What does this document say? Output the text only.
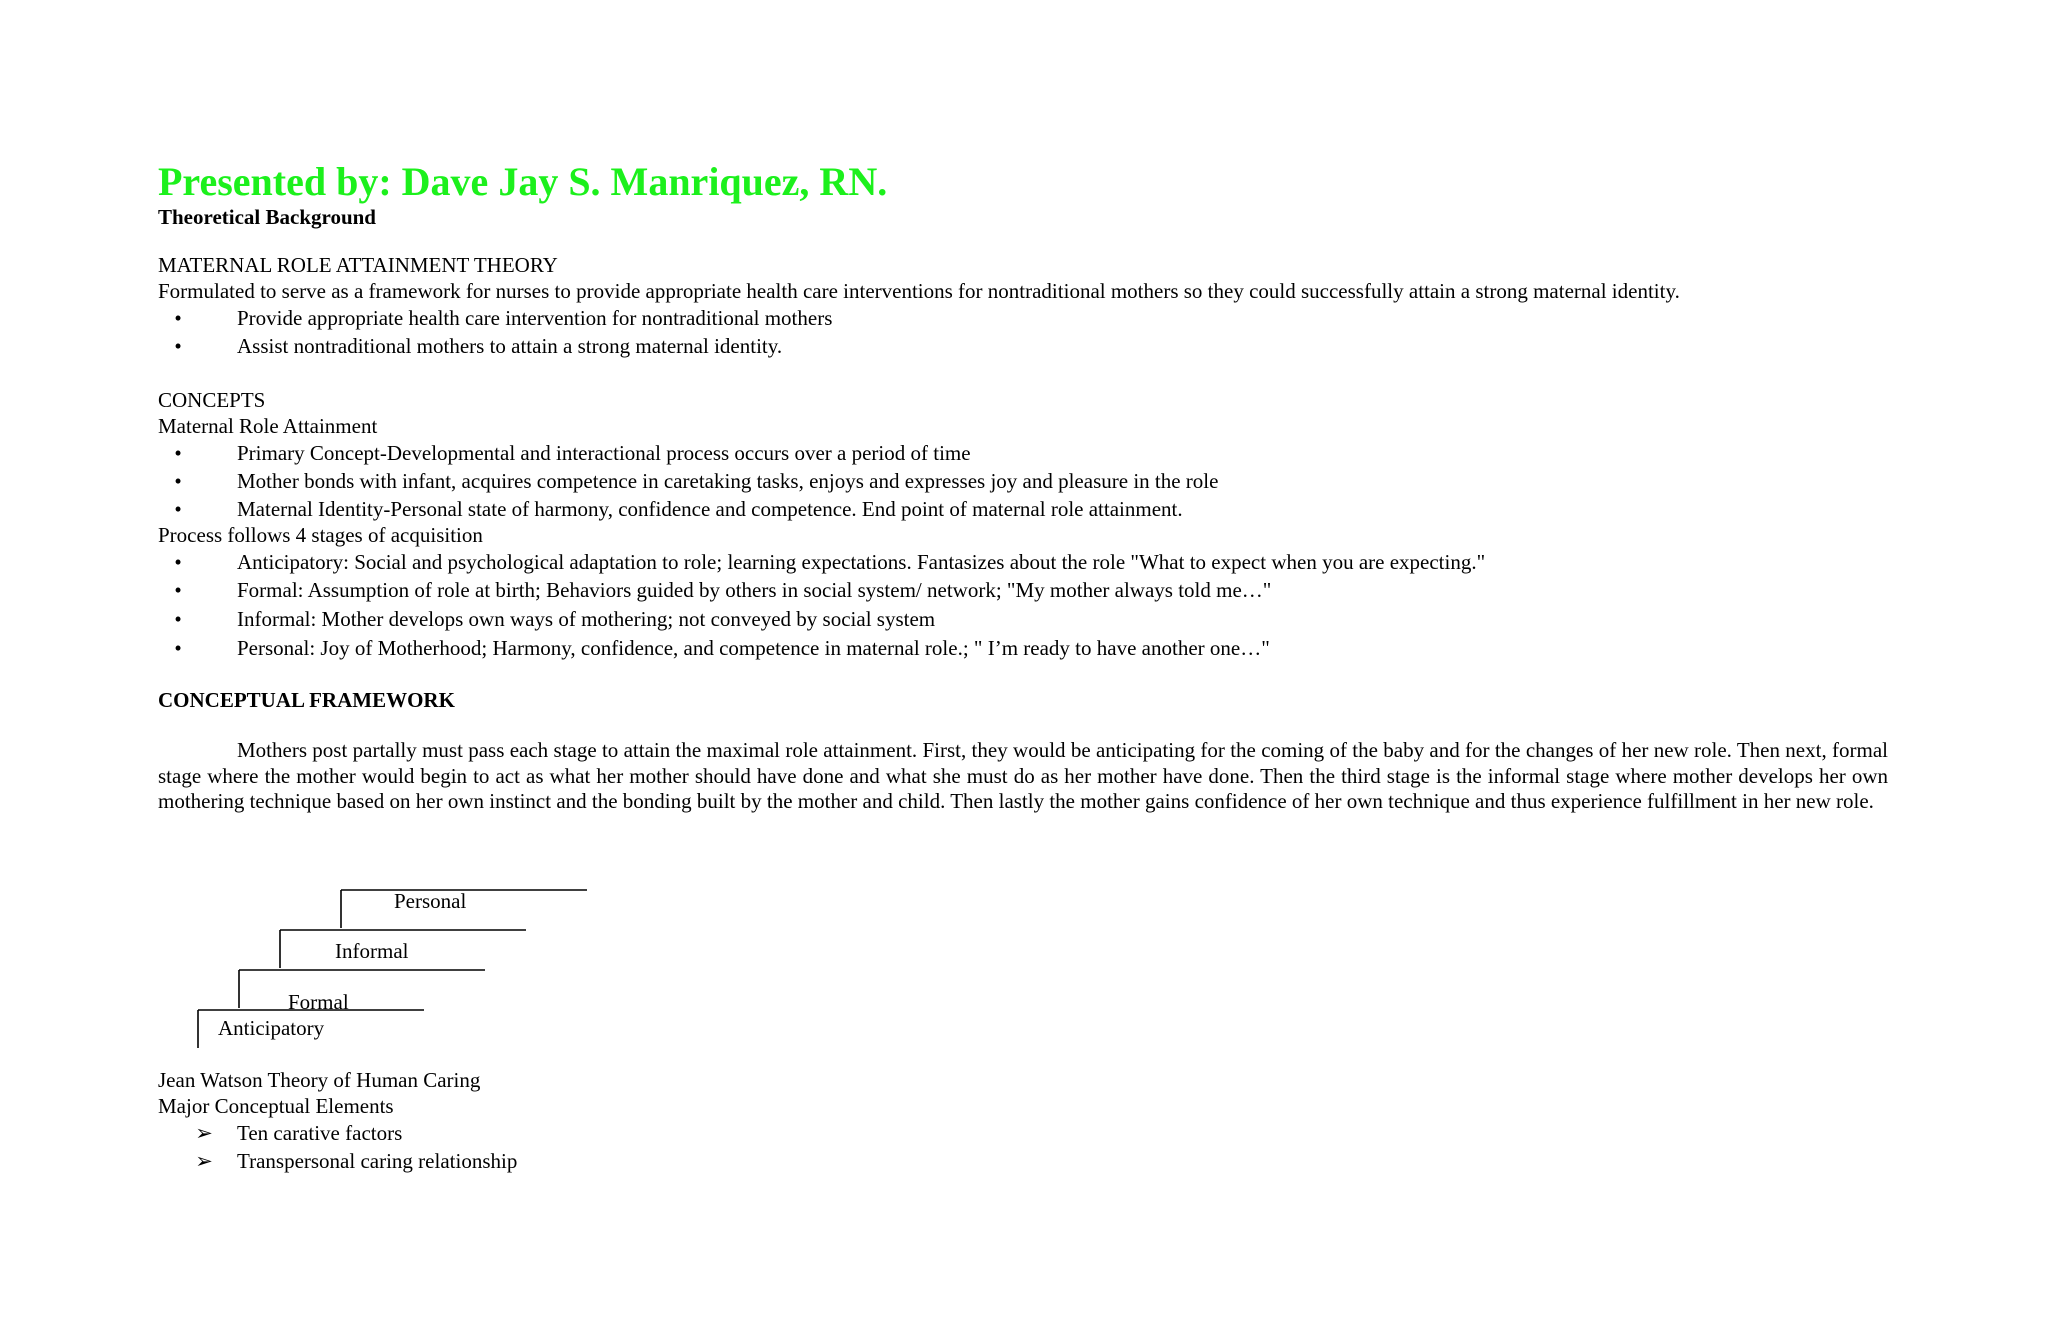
Presented by: Dave Jay S. Manriquez, RN.
Theoretical Background
MATERNAL ROLE ATTAINMENT THEORY
Formulated to serve as a framework for nurses to provide appropriate health care interventions for nontraditional mothers so they could successfully attain a strong maternal identity.
•	Provide appropriate health care intervention for nontraditional mothers
•	Assist nontraditional mothers to attain a strong maternal identity.
CONCEPTS
Maternal Role Attainment
•	Primary Concept-Developmental and interactional process occurs over a period of time
•	Mother bonds with infant, acquires competence in caretaking tasks, enjoys and expresses joy and pleasure in the role
•	Maternal Identity-Personal state of harmony, confidence and competence. End point of maternal role attainment.
Process follows 4 stages of acquisition
•	Anticipatory: Social and psychological adaptation to role; learning expectations. Fantasizes about the role "What to expect when you are expecting."
•	Formal: Assumption of role at birth; Behaviors guided by others in social system/ network; "My mother always told me…"
•	Informal: Mother develops own ways of mothering; not conveyed by social system
•	Personal: Joy of Motherhood; Harmony, confidence, and competence in maternal role.; " I’m ready to have another one…"
CONCEPTUAL FRAMEWORK
Mothers post partally must pass each stage to attain the maximal role attainment. First, they would be anticipating for the coming of the baby and for the changes of her new role. Then next, formal stage where the mother would begin to act as what her mother should have done and what she must do as her mother have done. Then the third stage is the informal stage where mother develops her own mothering technique based on her own instinct and the bonding built by the mother and child. Then lastly the mother gains confidence of her own technique and thus experience fulfillment in her new role.
Personal
Informal
Formal
Anticipatory
Jean Watson Theory of Human Caring
Major Conceptual Elements
➢ Ten carative factors
➢ Transpersonal caring relationship
